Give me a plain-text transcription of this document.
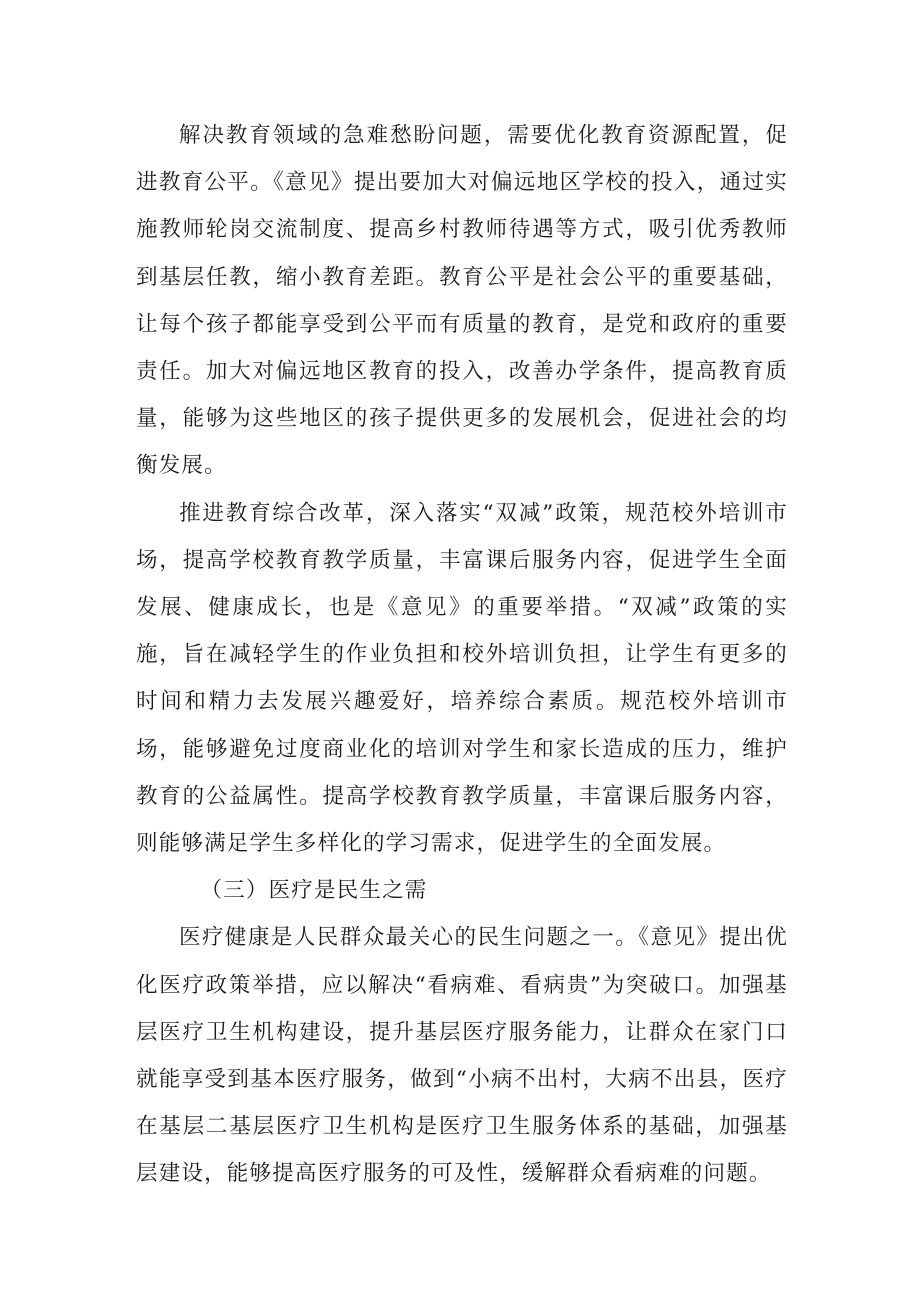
解决教育领域的急难愁盼问题，需要优化教育资源配置，促进教育公平。《意见》提出要加大对偏远地区学校的投入，通过实施教师轮岗交流制度、提高乡村教师待遇等方式，吸引优秀教师到基层任教，缩小教育差距。教育公平是社会公平的重要基础，让每个孩子都能享受到公平而有质量的教育，是党和政府的重要责任。加大对偏远地区教育的投入，改善办学条件，提高教育质量，能够为这些地区的孩子提供更多的发展机会，促进社会的均衡发展。

推进教育综合改革，深入落实“双减”政策，规范校外培训市场，提高学校教育教学质量，丰富课后服务内容，促进学生全面发展、健康成长，也是《意见》的重要举措。“双减”政策的实施，旨在减轻学生的作业负担和校外培训负担，让学生有更多的时间和精力去发展兴趣爱好，培养综合素质。规范校外培训市场，能够避免过度商业化的培训对学生和家长造成的压力，维护教育的公益属性。提高学校教育教学质量，丰富课后服务内容，则能够满足学生多样化的学习需求，促进学生的全面发展。

（三）医疗是民生之需

医疗健康是人民群众最关心的民生问题之一。《意见》提出优化医疗政策举措，应以解决“看病难、看病贵”为突破口。加强基层医疗卫生机构建设，提升基层医疗服务能力，让群众在家门口就能享受到基本医疗服务，做到“小病不出村，大病不出县，医疗在基层二基层医疗卫生机构是医疗卫生服务体系的基础，加强基层建设，能够提高医疗服务的可及性，缓解群众看病难的问题。
